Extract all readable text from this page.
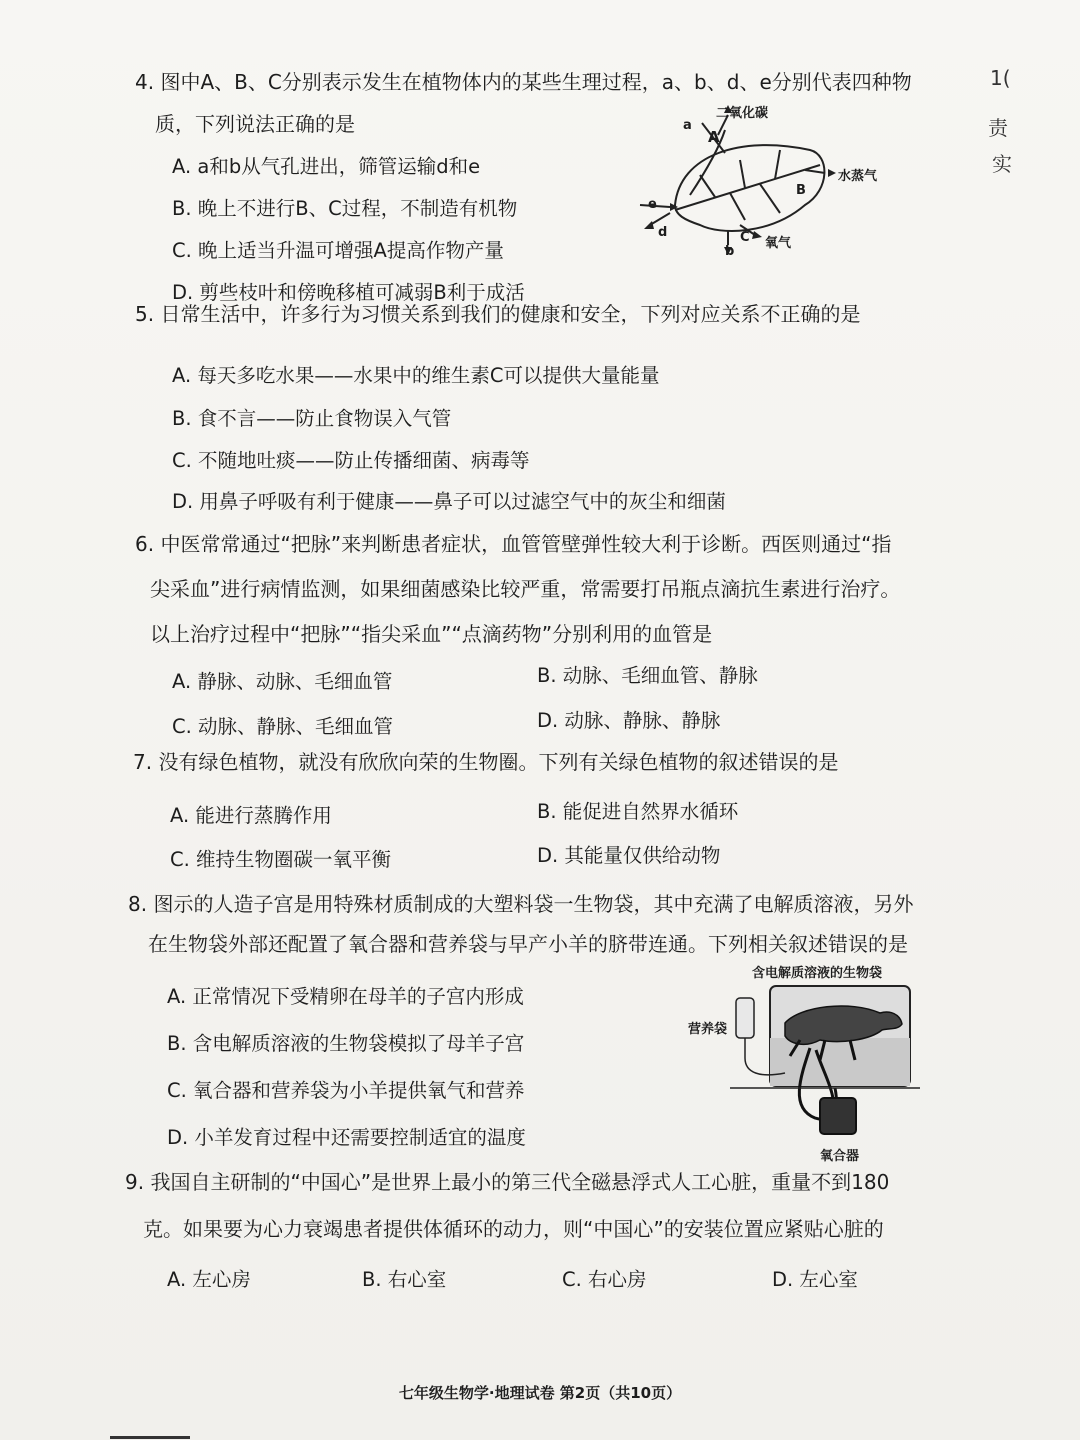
1(
责
实
4. 图中A、B、C分别表示发生在植物体内的某些生理过程，a、b、d、e分别代表四种物
质，下列说法正确的是
A. a和b从气孔进出，筛管运输d和e
B. 晚上不进行B、C过程，不制造有机物
C. 晚上适当升温可增强A提高作物产量
D. 剪些枝叶和傍晚移植可减弱B利于成活
二氧化碳
a
A
水蒸气
B
e
d	C 氧气
b
5. 日常生活中，许多行为习惯关系到我们的健康和安全，下列对应关系不正确的是
A. 每天多吃水果——水果中的维生素C可以提供大量能量
B. 食不言——防止食物误入气管
C. 不随地吐痰——防止传播细菌、病毒等
D. 用鼻子呼吸有利于健康——鼻子可以过滤空气中的灰尘和细菌
6. 中医常常通过“把脉”来判断患者症状，血管管壁弹性较大利于诊断。西医则通过“指
尖采血”进行病情监测，如果细菌感染比较严重，常需要打吊瓶点滴抗生素进行治疗。
以上治疗过程中“把脉”“指尖采血”“点滴药物”分别利用的血管是
A. 静脉、动脉、毛细血管	B. 动脉、毛细血管、静脉
C. 动脉、静脉、毛细血管	D. 动脉、静脉、静脉
7. 没有绿色植物，就没有欣欣向荣的生物圈。下列有关绿色植物的叙述错误的是
A. 能进行蒸腾作用	B. 能促进自然界水循环
C. 维持生物圈碳一氧平衡	D. 其能量仅供给动物
8. 图示的人造子宫是用特殊材质制成的大塑料袋一生物袋，其中充满了电解质溶液，另外
在生物袋外部还配置了氧合器和营养袋与早产小羊的脐带连通。下列相关叙述错误的是
A. 正常情况下受精卵在母羊的子宫内形成
B. 含电解质溶液的生物袋模拟了母羊子宫
C. 氧合器和营养袋为小羊提供氧气和营养
D. 小羊发育过程中还需要控制适宜的温度
含电解质溶液的生物袋
营养袋
氧合器
9. 我国自主研制的“中国心”是世界上最小的第三代全磁悬浮式人工心脏，重量不到180
克。如果要为心力衰竭患者提供体循环的动力，则“中国心”的安装位置应紧贴心脏的
A. 左心房	B. 右心室	C. 右心房	D. 左心室
七年级生物学·地理试卷 第2页（共10页）
